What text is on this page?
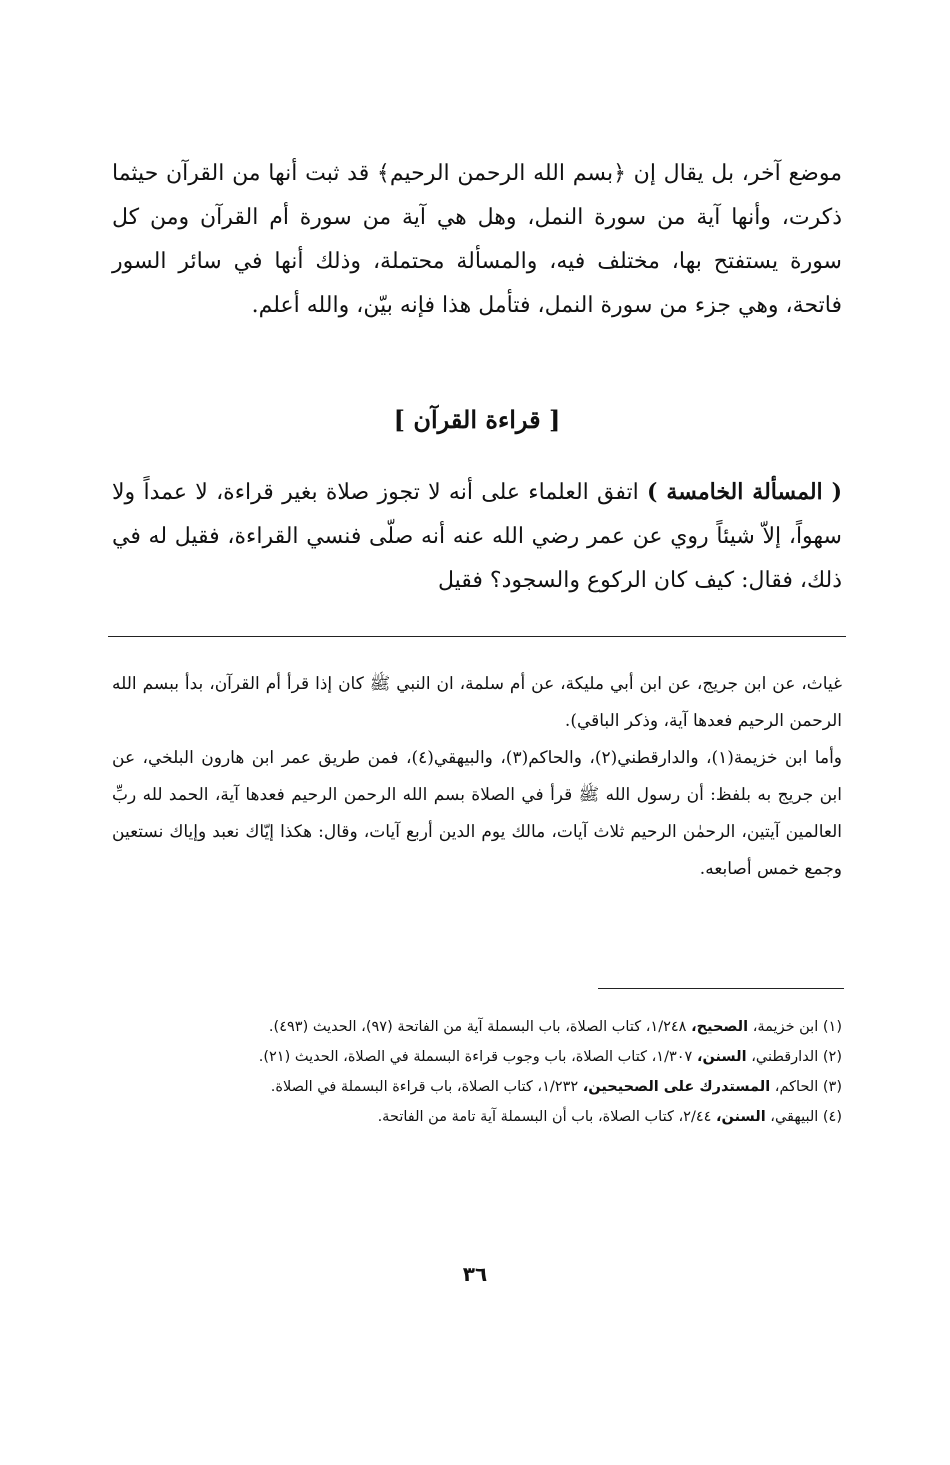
موضع آخر، بل يقال إن ﴿بسم الله الرحمن الرحيم﴾ قد ثبت أنها من القرآن حيثما ذكرت، وأنها آية من سورة النمل، وهل هي آية من سورة أم القرآن ومن كل سورة يستفتح بها، مختلف فيه، والمسألة محتملة، وذلك أنها في سائر السور فاتحة، وهي جزء من سورة النمل، فتأمل هذا فإنه بيّن، والله أعلم.

[ قراءة القرآن ]

( المسألة الخامسة ) اتفق العلماء على أنه لا تجوز صلاة بغير قراءة، لا عمداً ولا سهواً، إلاّ شيئاً روي عن عمر رضي الله عنه أنه صلّى فنسي القراءة، فقيل له في ذلك، فقال: كيف كان الركوع والسجود؟ فقيل

غياث، عن ابن جريج، عن ابن أبي مليكة، عن أم سلمة، ان النبي ﷺ كان إذا قرأ أم القرآن، بدأ ببسم الله الرحمن الرحيم فعدها آية، وذكر الباقي).

وأما ابن خزيمة(١)، والدارقطني(٢)، والحاكم(٣)، والبيهقي(٤)، فمن طريق عمر ابن هارون البلخي، عن ابن جريج به بلفظ: أن رسول الله ﷺ قرأ في الصلاة بسم الله الرحمن الرحيم فعدها آية، الحمد لله ربِّ العالمين آيتين، الرحمٰن الرحيم ثلاث آيات، مالك يوم الدين أربع آيات، وقال: هكذا إيّاك نعبد وإياك نستعين وجمع خمس أصابعه.

(١) ابن خزيمة، الصحيح، ١/٢٤٨، كتاب الصلاة، باب البسملة آية من الفاتحة (٩٧)، الحديث (٤٩٣).

(٢) الدارقطني، السنن، ١/٣٠٧، كتاب الصلاة، باب وجوب قراءة البسملة في الصلاة، الحديث (٢١).

(٣) الحاكم، المستدرك على الصحيحين، ١/٢٣٢، كتاب الصلاة، باب قراءة البسملة في الصلاة.

(٤) البيهقي، السنن، ٢/٤٤، كتاب الصلاة، باب أن البسملة آية تامة من الفاتحة.

٣٦
